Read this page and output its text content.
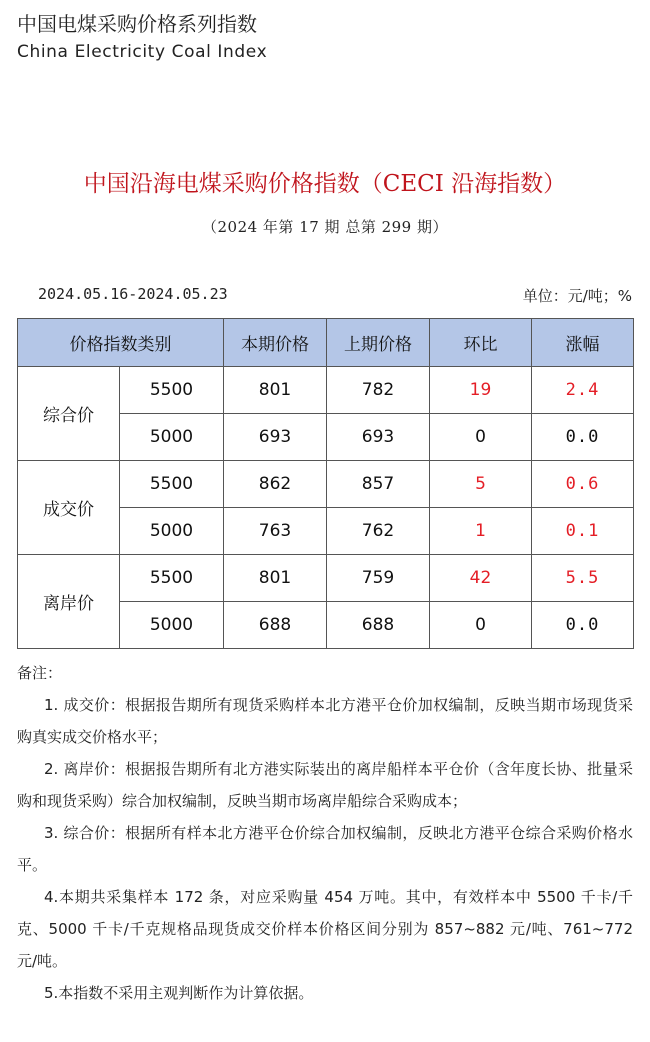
中国电煤采购价格系列指数
China Electricity Coal Index
中国沿海电煤采购价格指数（CECI 沿海指数）
（2024 年第 17 期 总第 299 期）
2024.05.16-2024.05.23	单位：元/吨；%
价格指数类别		本期价格	上期价格	环比	涨幅
综合价	5500	801	782	19	2.4
	5000	693	693	0	0.0
成交价	5500	862	857	5	0.6
	5000	763	762	1	0.1
离岸价	5500	801	759	42	5.5
	5000	688	688	0	0.0

备注：

1. 成交价：根据报告期所有现货采购样本北方港平仓价加权编制，反映当期市场现货采购真实成交价格水平；

2. 离岸价：根据报告期所有北方港实际装出的离岸船样本平仓价（含年度长协、批量采购和现货采购）综合加权编制，反映当期市场离岸船综合采购成本；

3. 综合价：根据所有样本北方港平仓价综合加权编制，反映北方港平仓综合采购价格水平。

4.本期共采集样本 172 条，对应采购量 454 万吨。其中，有效样本中 5500 千卡/千克、5000 千卡/千克规格品现货成交价样本价格区间分别为 857~882 元/吨、761~772 元/吨。

5.本指数不采用主观判断作为计算依据。
